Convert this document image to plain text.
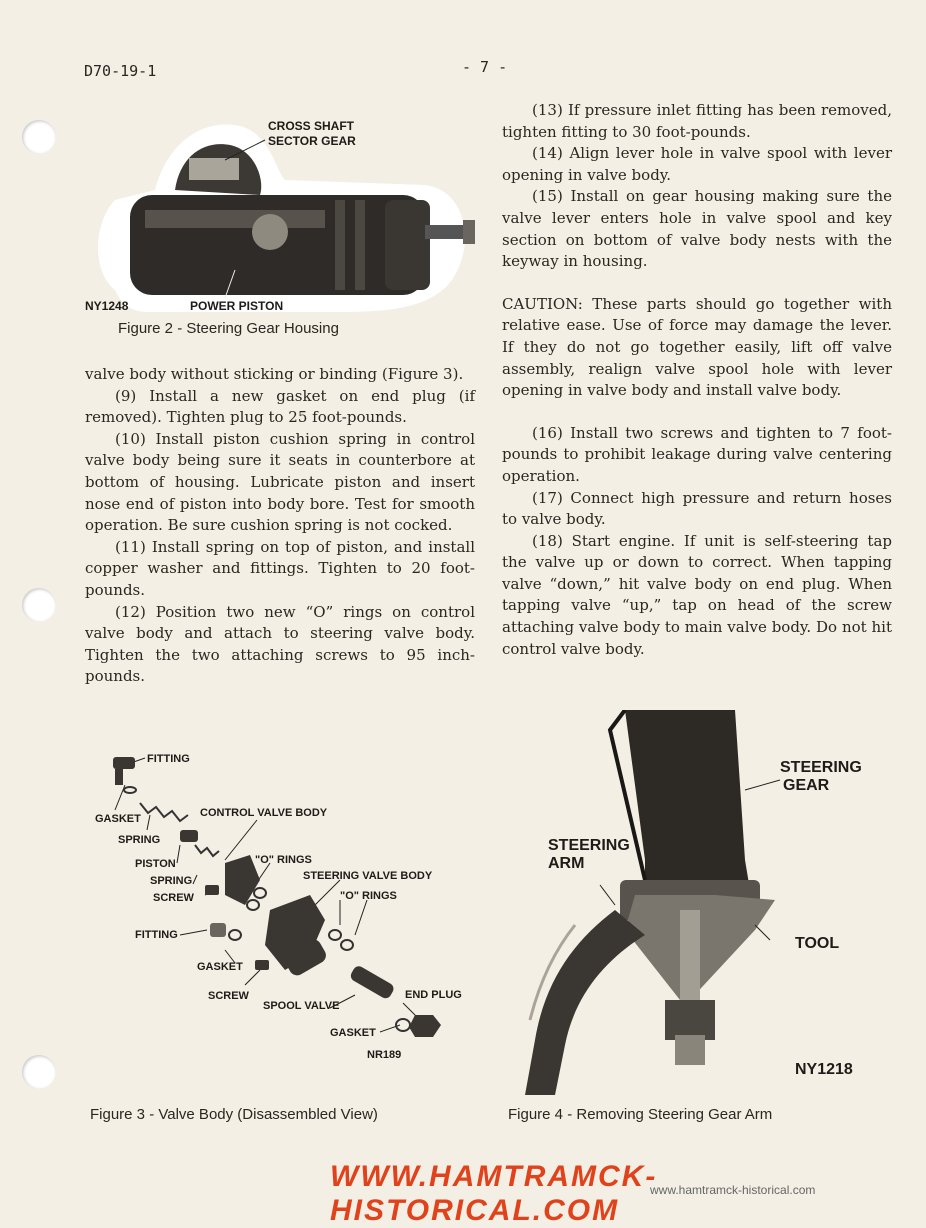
D70-19-1	- 7 -
CROSS SHAFT
SECTOR GEAR
NY1248	POWER PISTON
Figure 2 - Steering Gear Housing

valve body without sticking or binding (Figure 3).

(9) Install a new gasket on end plug (if removed). Tighten plug to 25 foot-pounds.

(10) Install piston cushion spring in control valve body being sure it seats in counterbore at bottom of housing. Lubricate piston and insert nose end of piston into body bore. Test for smooth operation. Be sure cushion spring is not cocked.

(11) Install spring on top of piston, and install copper washer and fittings. Tighten to 20 foot-pounds.

(12) Position two new “O” rings on control valve body and attach to steering valve body. Tighten the two attaching screws to 95 inch-pounds.

(13) If pressure inlet fitting has been removed, tighten fitting to 30 foot-pounds.

(14) Align lever hole in valve spool with lever opening in valve body.

(15) Install on gear housing making sure the valve lever enters hole in valve spool and key section on bottom of valve body nests with the keyway in housing.

CAUTION: These parts should go together with relative ease. Use of force may damage the lever. If they do not go together easily, lift off valve assembly, realign valve spool hole with lever opening in valve body and install valve body.

(16) Install two screws and tighten to 7 foot-pounds to prohibit leakage during valve centering operation.

(17) Connect high pressure and return hoses to valve body.

(18) Start engine. If unit is self-steering tap the valve up or down to correct. When tapping valve “down,” hit valve body on end plug. When tapping valve “up,” tap on head of the screw attaching valve body to main valve body. Do not hit control valve body.

FITTING
GASKET
SPRING
CONTROL VALVE BODY
PISTON	"O" RINGS
STEERING VALVE BODY
SPRING
SCREW	"O" RINGS
FITTING
GASKET
SCREW
SPOOL VALVE
END PLUG
GASKET
NR189
Figure 3 - Valve Body (Disassembled View)
STEERING
GEAR
STEERING
ARM
TOOL
NY1218
Figure 4 - Removing Steering Gear Arm
WWW.HAMTRAMCK-HISTORICAL.COM
www.hamtramck-historical.com
